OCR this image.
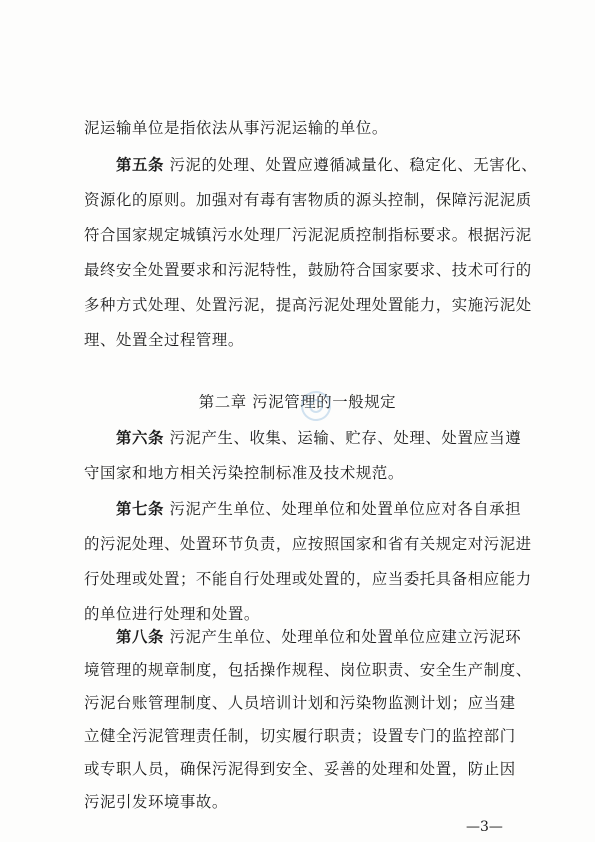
泥运输单位是指依法从事污泥运输的单位。
第五条 污泥的处理、处置应遵循减量化、稳定化、无害化、
资源化的原则。加强对有毒有害物质的源头控制，保障污泥泥质
符合国家规定城镇污水处理厂污泥泥质控制指标要求。根据污泥
最终安全处置要求和污泥特性，鼓励符合国家要求、技术可行的
多种方式处理、处置污泥，提高污泥处理处置能力，实施污泥处
理、处置全过程管理。
第二章 污泥管理的一般规定
第六条 污泥产生、收集、运输、贮存、处理、处置应当遵
守国家和地方相关污染控制标准及技术规范。
第七条 污泥产生单位、处理单位和处置单位应对各自承担
的污泥处理、处置环节负责，应按照国家和省有关规定对污泥进
行处理或处置；不能自行处理或处置的，应当委托具备相应能力
的单位进行处理和处置。
第八条 污泥产生单位、处理单位和处置单位应建立污泥环
境管理的规章制度，包括操作规程、岗位职责、安全生产制度、
污泥台账管理制度、人员培训计划和污染物监测计划；应当建
立健全污泥管理责任制，切实履行职责；设置专门的监控部门
或专职人员，确保污泥得到安全、妥善的处理和处置，防止因
—3—
污泥引发环境事故。
